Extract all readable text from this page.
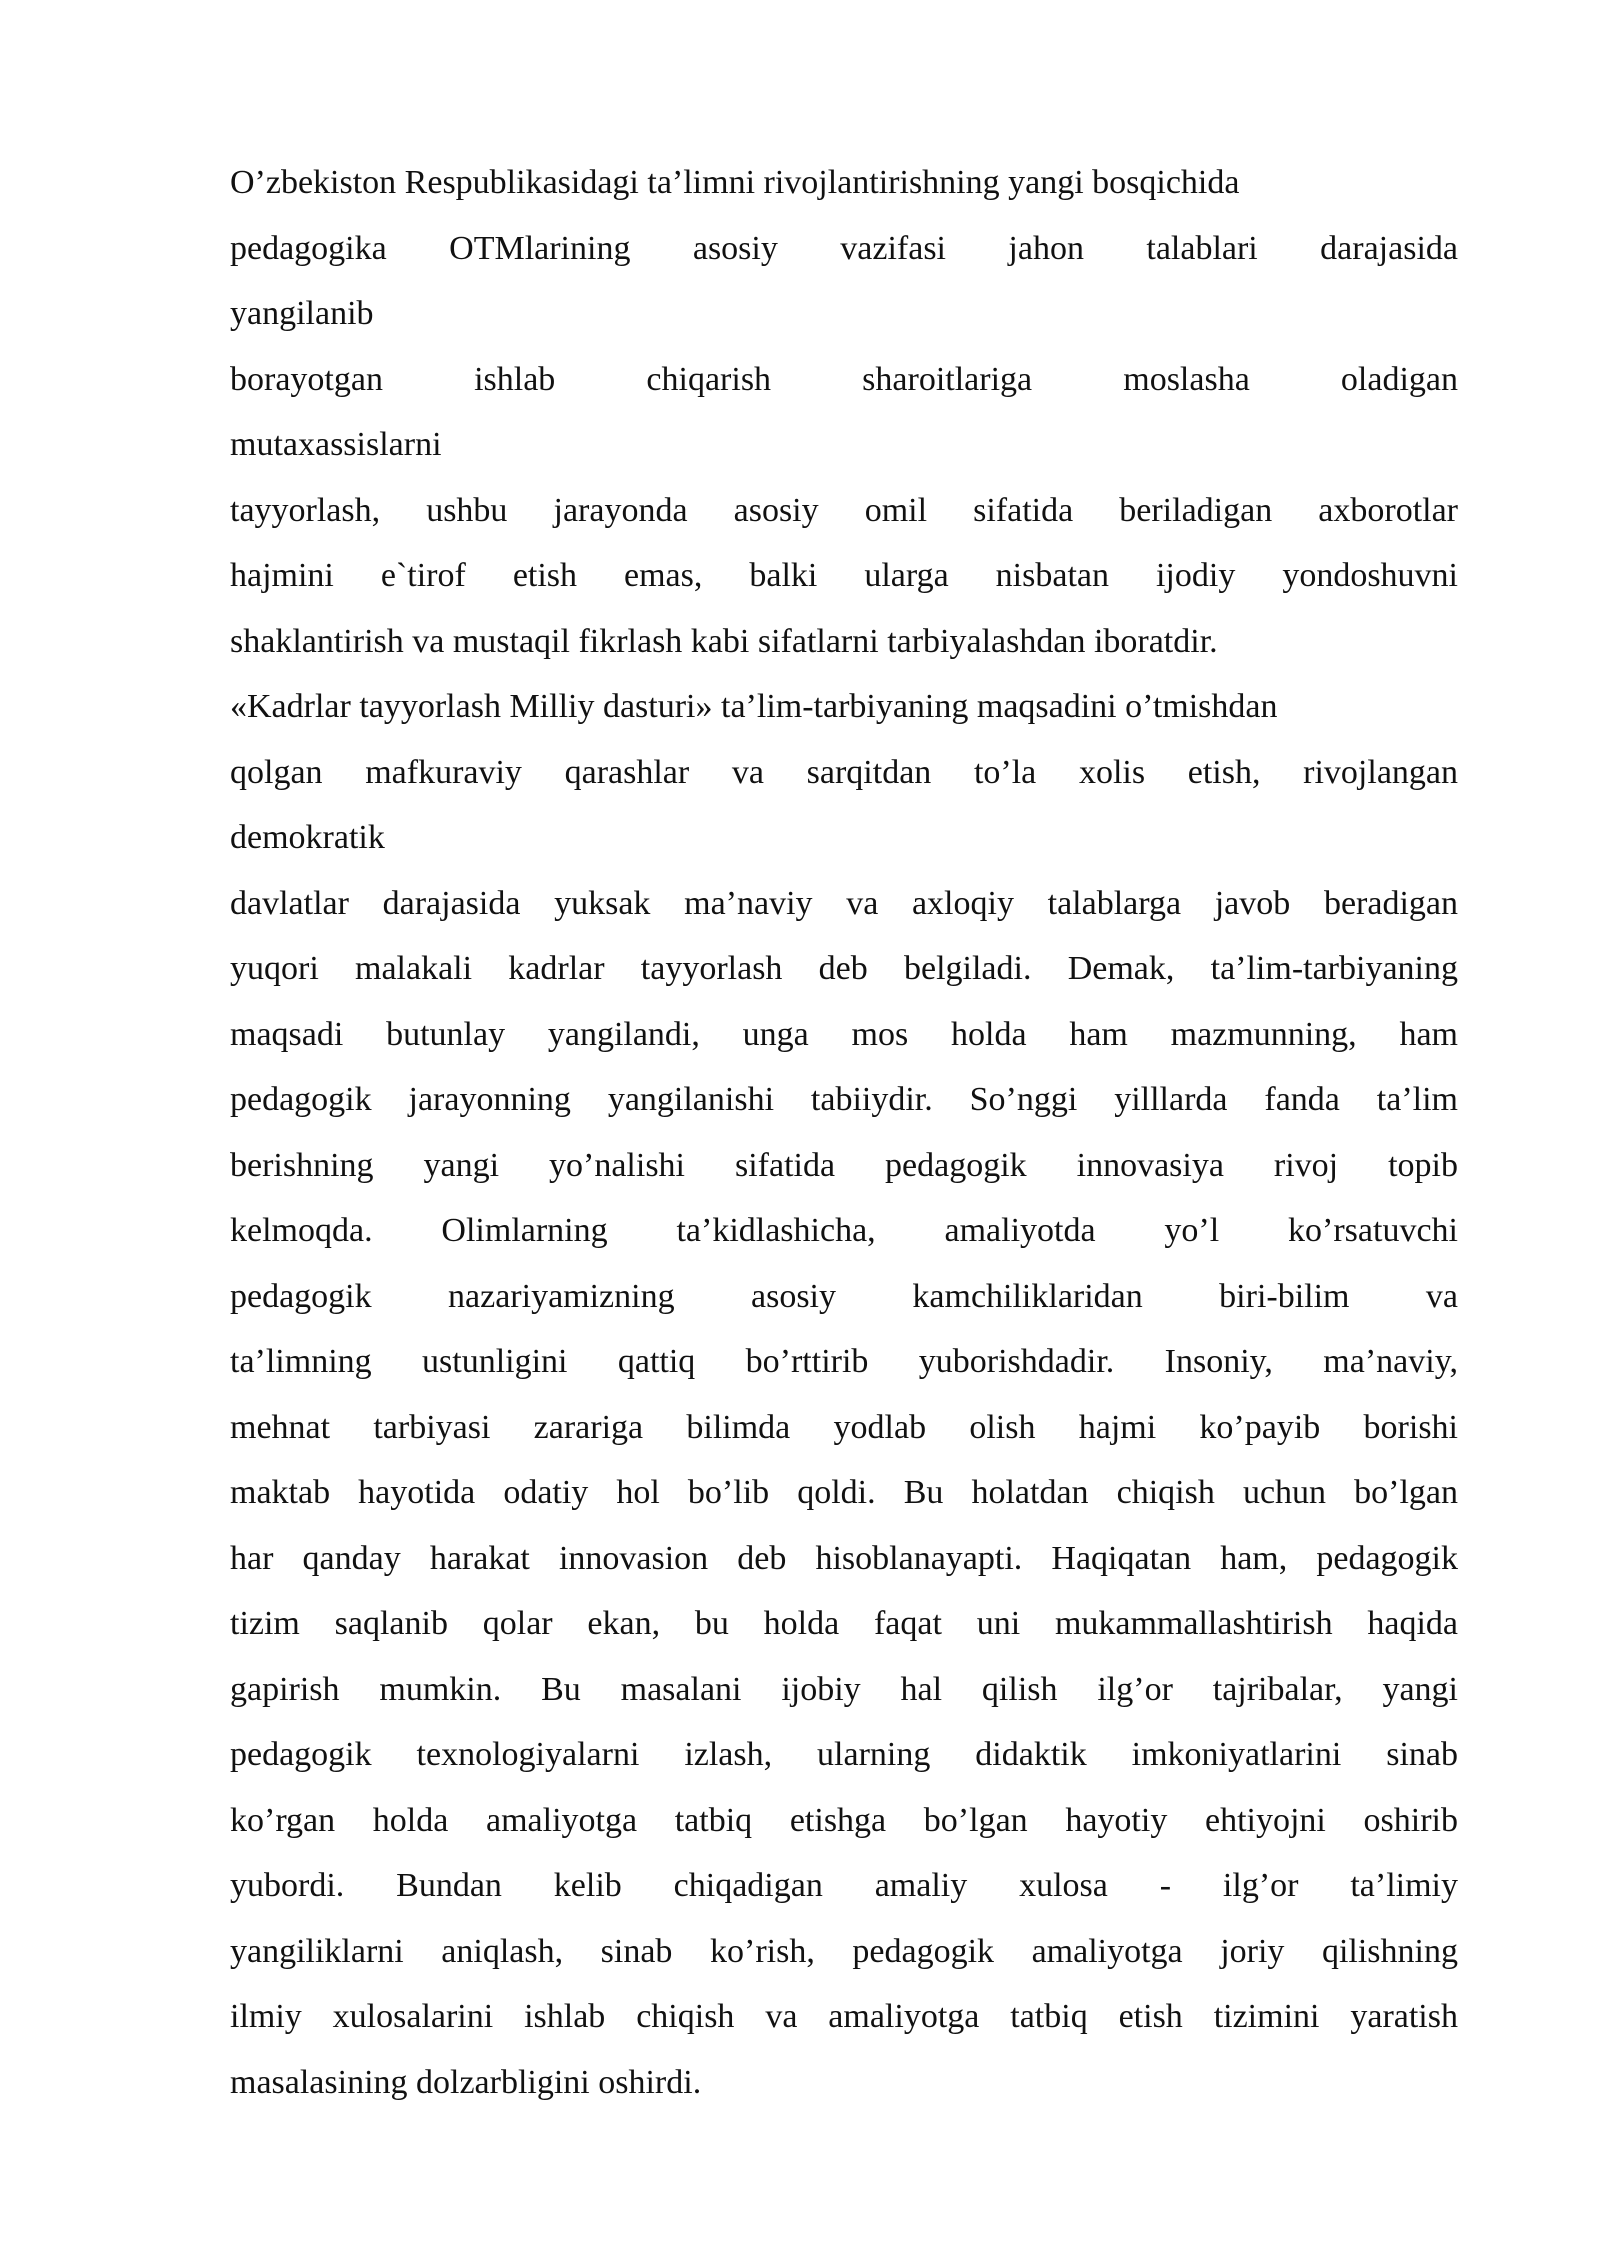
O’zbekiston Respublikasidagi ta’limni rivojlantirishning yangi bosqichida
pedagogika OTMlarining asosiy vazifasi jahon talablari darajasida
yangilanib
borayotgan ishlab chiqarish sharoitlariga moslasha oladigan
mutaxassislarni
tayyorlash, ushbu jarayonda asosiy omil sifatida beriladigan axborotlar
hajmini e`tirof etish emas, balki ularga nisbatan ijodiy yondoshuvni
shaklantirish va mustaqil fikrlash kabi sifatlarni tarbiyalashdan iboratdir.
«Kadrlar tayyorlash Milliy dasturi» ta’lim-tarbiyaning maqsadini o’tmishdan
qolgan mafkuraviy qarashlar va sarqitdan to’la xolis etish, rivojlangan
demokratik
davlatlar darajasida yuksak ma’naviy va axloqiy talablarga javob beradigan
yuqori malakali kadrlar tayyorlash deb belgiladi. Demak, ta’lim-tarbiyaning
maqsadi butunlay yangilandi, unga mos holda ham mazmunning, ham
pedagogik jarayonning yangilanishi tabiiydir. So’nggi yilllarda fanda ta’lim
berishning yangi yo’nalishi sifatida pedagogik innovasiya rivoj topib
kelmoqda. Olimlarning ta’kidlashicha, amaliyotda yo’l ko’rsatuvchi
pedagogik nazariyamizning asosiy kamchiliklaridan biri-bilim va
ta’limning ustunligini qattiq bo’rttirib yuborishdadir. Insoniy, ma’naviy,
mehnat tarbiyasi zarariga bilimda yodlab olish hajmi ko’payib borishi
maktab hayotida odatiy hol bo’lib qoldi. Bu holatdan chiqish uchun bo’lgan
har qanday harakat innovasion deb hisoblanayapti. Haqiqatan ham, pedagogik
tizim saqlanib qolar ekan, bu holda faqat uni mukammallashtirish haqida
gapirish mumkin. Bu masalani ijobiy hal qilish ilg’or tajribalar, yangi
pedagogik texnologiyalarni izlash, ularning didaktik imkoniyatlarini sinab
ko’rgan holda amaliyotga tatbiq etishga bo’lgan hayotiy ehtiyojni oshirib
yubordi. Bundan kelib chiqadigan amaliy xulosa - ilg’or ta’limiy
yangiliklarni aniqlash, sinab ko’rish, pedagogik amaliyotga joriy qilishning
ilmiy xulosalarini ishlab chiqish va amaliyotga tatbiq etish tizimini yaratish
masalasining dolzarbligini oshirdi.
